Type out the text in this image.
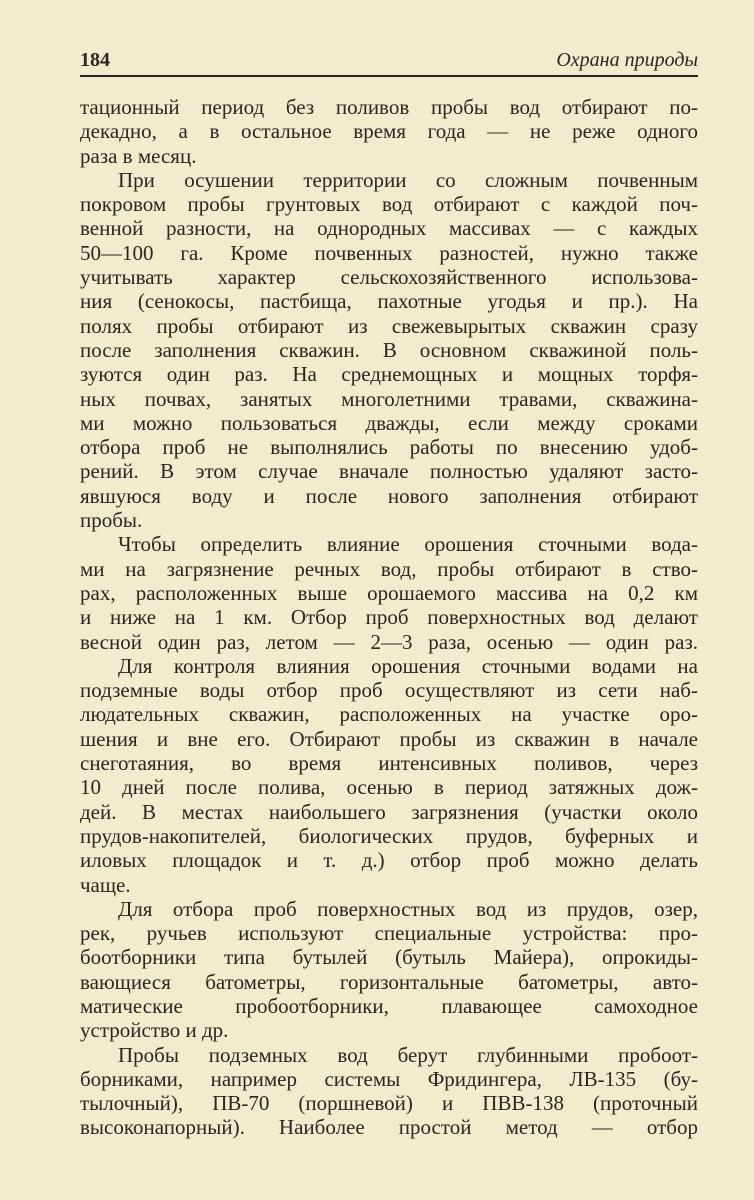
184	Охрана природы

тационный период без поливов пробы вод отбирают по-
декадно, а в остальное время года — не реже одного
раза в месяц.

При осушении территории со сложным почвенным
покровом пробы грунтовых вод отбирают с каждой поч-
венной разности, на однородных массивах — с каждых
50—100 га. Кроме почвенных разностей, нужно также
учитывать характер сельскохозяйственного использова-
ния (сенокосы, пастбища, пахотные угодья и пр.). На
полях пробы отбирают из свежевырытых скважин сразу
после заполнения скважин. В основном скважиной поль-
зуются один раз. На среднемощных и мощных торфя-
ных почвах, занятых многолетними травами, скважина-
ми можно пользоваться дважды, если между сроками
отбора проб не выполнялись работы по внесению удоб-
рений. В этом случае вначале полностью удаляют засто-
явшуюся воду и после нового заполнения отбирают
пробы.

Чтобы определить влияние орошения сточными вода-
ми на загрязнение речных вод, пробы отбирают в ство-
рах, расположенных выше орошаемого массива на 0,2 км
и ниже на 1 км. Отбор проб поверхностных вод делают
весной один раз, летом — 2—3 раза, осенью — один раз.

Для контроля влияния орошения сточными водами на
подземные воды отбор проб осуществляют из сети наб-
людательных скважин, расположенных на участке оро-
шения и вне его. Отбирают пробы из скважин в начале
снеготаяния, во время интенсивных поливов, через
10 дней после полива, осенью в период затяжных дож-
дей. В местах наибольшего загрязнения (участки около
прудов-накопителей, биологических прудов, буферных и
иловых площадок и т. д.) отбор проб можно делать
чаще.

Для отбора проб поверхностных вод из прудов, озер,
рек, ручьев используют специальные устройства: про-
боотборники типа бутылей (бутыль Майера), опрокиды-
вающиеся батометры, горизонтальные батометры, авто-
матические пробоотборники, плавающее самоходное
устройство и др.

Пробы подземных вод берут глубинными пробоот-
борниками, например системы Фридингера, ЛВ-135 (бу-
тылочный), ПВ-70 (поршневой) и ПВВ-138 (проточный
высоконапорный). Наиболее простой метод — отбор
